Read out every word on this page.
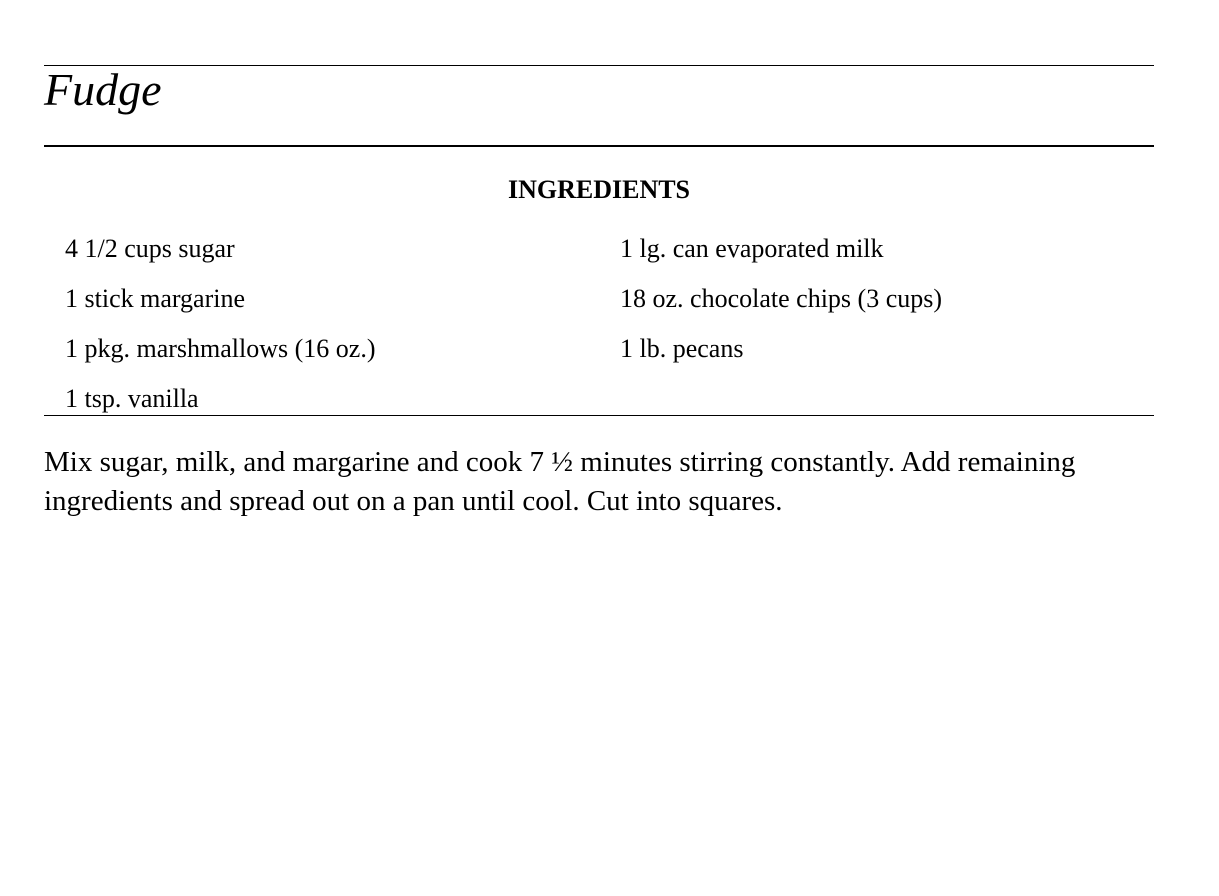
Fudge
INGREDIENTS
4 1/2 cups sugar
1 stick margarine
1 pkg. marshmallows (16 oz.)
1 tsp. vanilla
1 lg. can evaporated milk
18 oz. chocolate chips (3 cups)
1 lb. pecans

Mix sugar, milk, and margarine and cook 7 ½ minutes stirring constantly. Add remaining ingredients and spread out on a pan until cool. Cut into squares.
